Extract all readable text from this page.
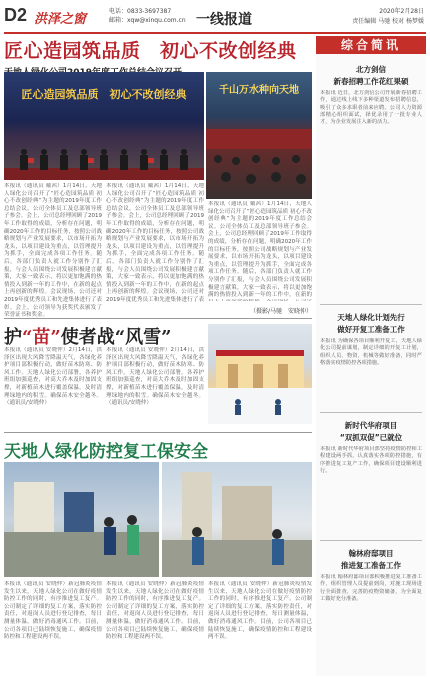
D2 洪泽之窗
电话：0833-3697387
邮箱：xqw@xinqu.com.cn 一线报道
2020年2月28日
责任编辑 马驰 校对 杨梦媛
匠心造园筑品质　初心不改创经典
匠心造园筑品质　初心不改创经典	千山万水种向天地
本报讯（通讯员 戴茜）1月14日，天地人绿化公司召开了“匠心造园筑品质 初心不改创经典”为主题的2019年度工作总结会议。公司全体员工及总部领导班子参会。会上，公司总经理回顾了2019年工作取得的成绩，分析存在问题，明确2020年工作的目标任务，按照公司战略规划与产业发展要求，以市场开拓为龙头，以项目建设为重点，以管理提升为抓手，全面完成各项工作任务。随后，各部门负责人就工作分别作了汇报，与会人员围绕公司发展积极建言献策，大家一致表示，将以更加饱满的热情投入到新一年的工作中，在新的起点上再创新的辉煌。会议现场，公司还对2019年度优秀员工和先进集体进行了表彰。会上，公司领导为获奖代表颁发了荣誉证书和奖金。
本报讯（通讯员 戴茜）1月14日，天地人绿化公司召开了“匠心造园筑品质 初心不改创经典”为主题的2019年度工作总结会议。公司全体员工及总部领导班子参会。会上，公司总经理回顾了2019年工作取得的成绩，分析存在问题，明确2020年工作的目标任务，按照公司战略规划与产业发展要求，以市场开拓为龙头，以项目建设为重点，以管理提升为抓手，全面完成各项工作任务。随后，各部门负责人就工作分别作了汇报，与会人员围绕公司发展积极建言献策，大家一致表示，将以更加饱满的热情投入到新一年的工作中，在新的起点上再创新的辉煌。会议现场，公司还对2019年度优秀员工和先进集体进行了表
本报讯（通讯员 戴茜）1月14日，天地人绿化公司召开了“匠心造园筑品质 初心不改创经典”为主题的2019年度工作总结会议。公司全体员工及总部领导班子参会。会上，公司总经理回顾了2019年工作取得的成绩，分析存在问题，明确2020年工作的目标任务，按照公司战略规划与产业发展要求，以市场开拓为龙头，以项目建设为重点，以管理提升为抓手，全面完成各项工作任务。随后，各部门负责人就工作分别作了汇报，与会人员围绕公司发展积极建言献策，大家一致表示，将以更加饱满的热情投入到新一年的工作中，在新的
（摄影/马驰　安晓仲）
护“苗”使者战“风雪”
本报讯（通讯员 安晓仲）2月14日，洪泽区出现大风降雪降温天气，各绿化养护项目部积极行动，做好苗木防寒、防风工作。天地人绿化公司部署，各养护班组加强巡查，对高大乔木及时加固支撑，对新植苗木进行覆盖保温，及时清理绿地内的积雪。确保苗木安全越冬。（通讯员/安晓仲）
本报讯（通讯员 安晓仲）2月14日，洪泽区出现大风降雪降温天气，各绿化养护项目部积极行动，做好苗木防寒、防风工作。天地人绿化公司部署，各养护班组加强巡查，对高大乔木及时加固支撑，对新植苗木进行覆盖保温，及时清理绿地内的积雪。确保苗木安全越冬。（通讯员/安晓仲）
天地人绿化防控复工保安全
本报讯（通讯员 安晓仲）新冠肺炎疫情发生以来，天地人绿化公司在做好疫情防控工作的同时，有序推进复工复产。公司制定了详细的复工方案，落实防控责任，对返岗人员进行登记排查，每日测量体温，做好消毒通风工作。目前，公司各项目已陆续恢复施工，确保疫情防控和工程建设两不误。
本报讯（通讯员 安晓仲）新冠肺炎疫情发生以来，天地人绿化公司在做好疫情防控工作的同时，有序推进复工复产。公司制定了详细的复工方案，落实防控责任，对返岗人员进行登记排查，每日测量体温，做好消毒通风工作。目前，公司各项目已陆续恢复施工，确保疫情防控和工程建设两不误。
本报讯（通讯员 安晓仲）新冠肺炎疫情发生以来，天地人绿化公司在做好疫情防控工作的同时，有序推进复工复产。公司制定了详细的复工方案，落实防控责任，对返岗人员进行登记排查，每日测量体温，做好消毒通风工作。目前，公司各项目已陆续恢复施工，确保疫情防控和工程建设两不误。
综合简讯
北方剑信
新春招聘工作花红果硕
本报讯 近日，北方剑信公司开展新春招聘工作，通过线上线下多种渠道发布招聘信息，吸引了众多求职者前来应聘。公司人力资源部精心组织面试，择优录用了一批专业人才，为企业发展注入新的活力。
天地人绿化计划先行
做好开复工准备工作
本报讯 为确保各项目顺利开复工，天地人绿化公司提前谋划，制定详细的开复工计划，组织人员、物资、机械等做好准备，同时严格落实疫情防控各项措施。
新时代华府项目
“双抓双促”已就位
本报讯 新时代华府项目部坚持疫情防控和工程建设两手抓，认真落实各项防控措施，有序推进复工复产工作，确保项目建设顺利进行。
翰林府邸项目
推进复工准备工作
本报讯 翰林府邸项目部积极推进复工准备工作，组织管理人员提前到岗，对施工现场进行全面排查，完善防疫物资储备，为全面复工做好充分准备。
